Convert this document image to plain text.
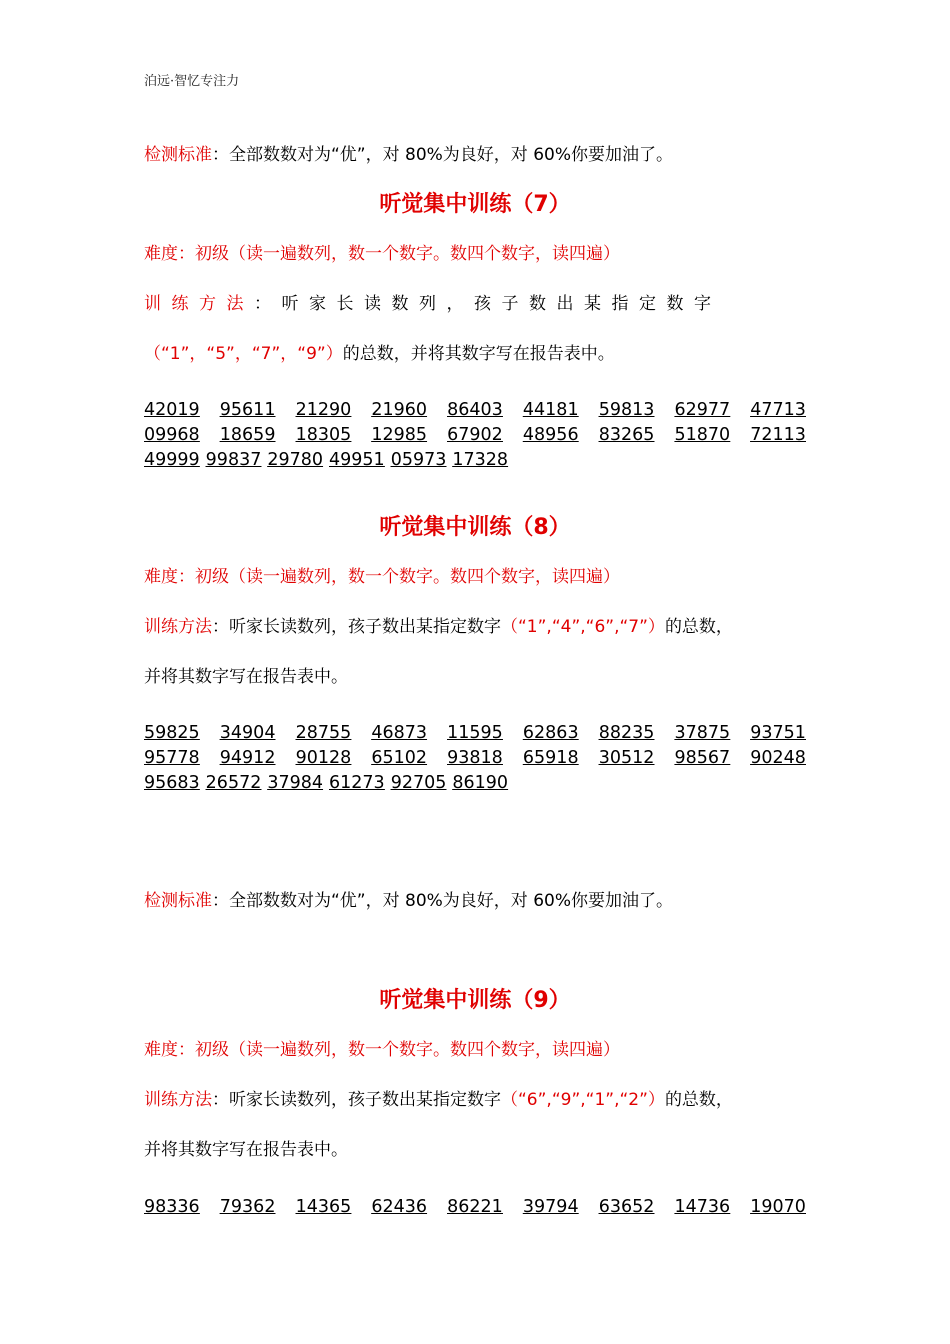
泊远·智忆专注力
检测标准：全部数数对为“优”，对 80%为良好，对 60%你要加油了。
听觉集中训练（7）
难度：初级（读一遍数列，数一个数字。数四个数字，读四遍）
训练方法：听家长读数列，孩子数出某指定数字
（“1”，“5”，“7”，“9”）的总数，并将其数字写在报告表中。
42019 95611 21290 21960 86403 44181 59813 62977 47713
09968 18659 18305 12985 67902 48956 83265 51870 72113
49999 99837 29780 49951 05973 17328
听觉集中训练（8）
难度：初级（读一遍数列，数一个数字。数四个数字，读四遍）
训练方法：听家长读数列，孩子数出某指定数字（“1”,“4”,“6”,“7”）的总数，
并将其数字写在报告表中。
59825 34904 28755 46873 11595 62863 88235 37875 93751
95778 94912 90128 65102 93818 65918 30512 98567 90248
95683 26572 37984 61273 92705 86190
检测标准：全部数数对为“优”，对 80%为良好，对 60%你要加油了。
听觉集中训练（9）
难度：初级（读一遍数列，数一个数字。数四个数字，读四遍）
训练方法：听家长读数列，孩子数出某指定数字（“6”,“9”,“1”,“2”）的总数，
并将其数字写在报告表中。
98336 79362 14365 62436 86221 39794 63652 14736 19070
